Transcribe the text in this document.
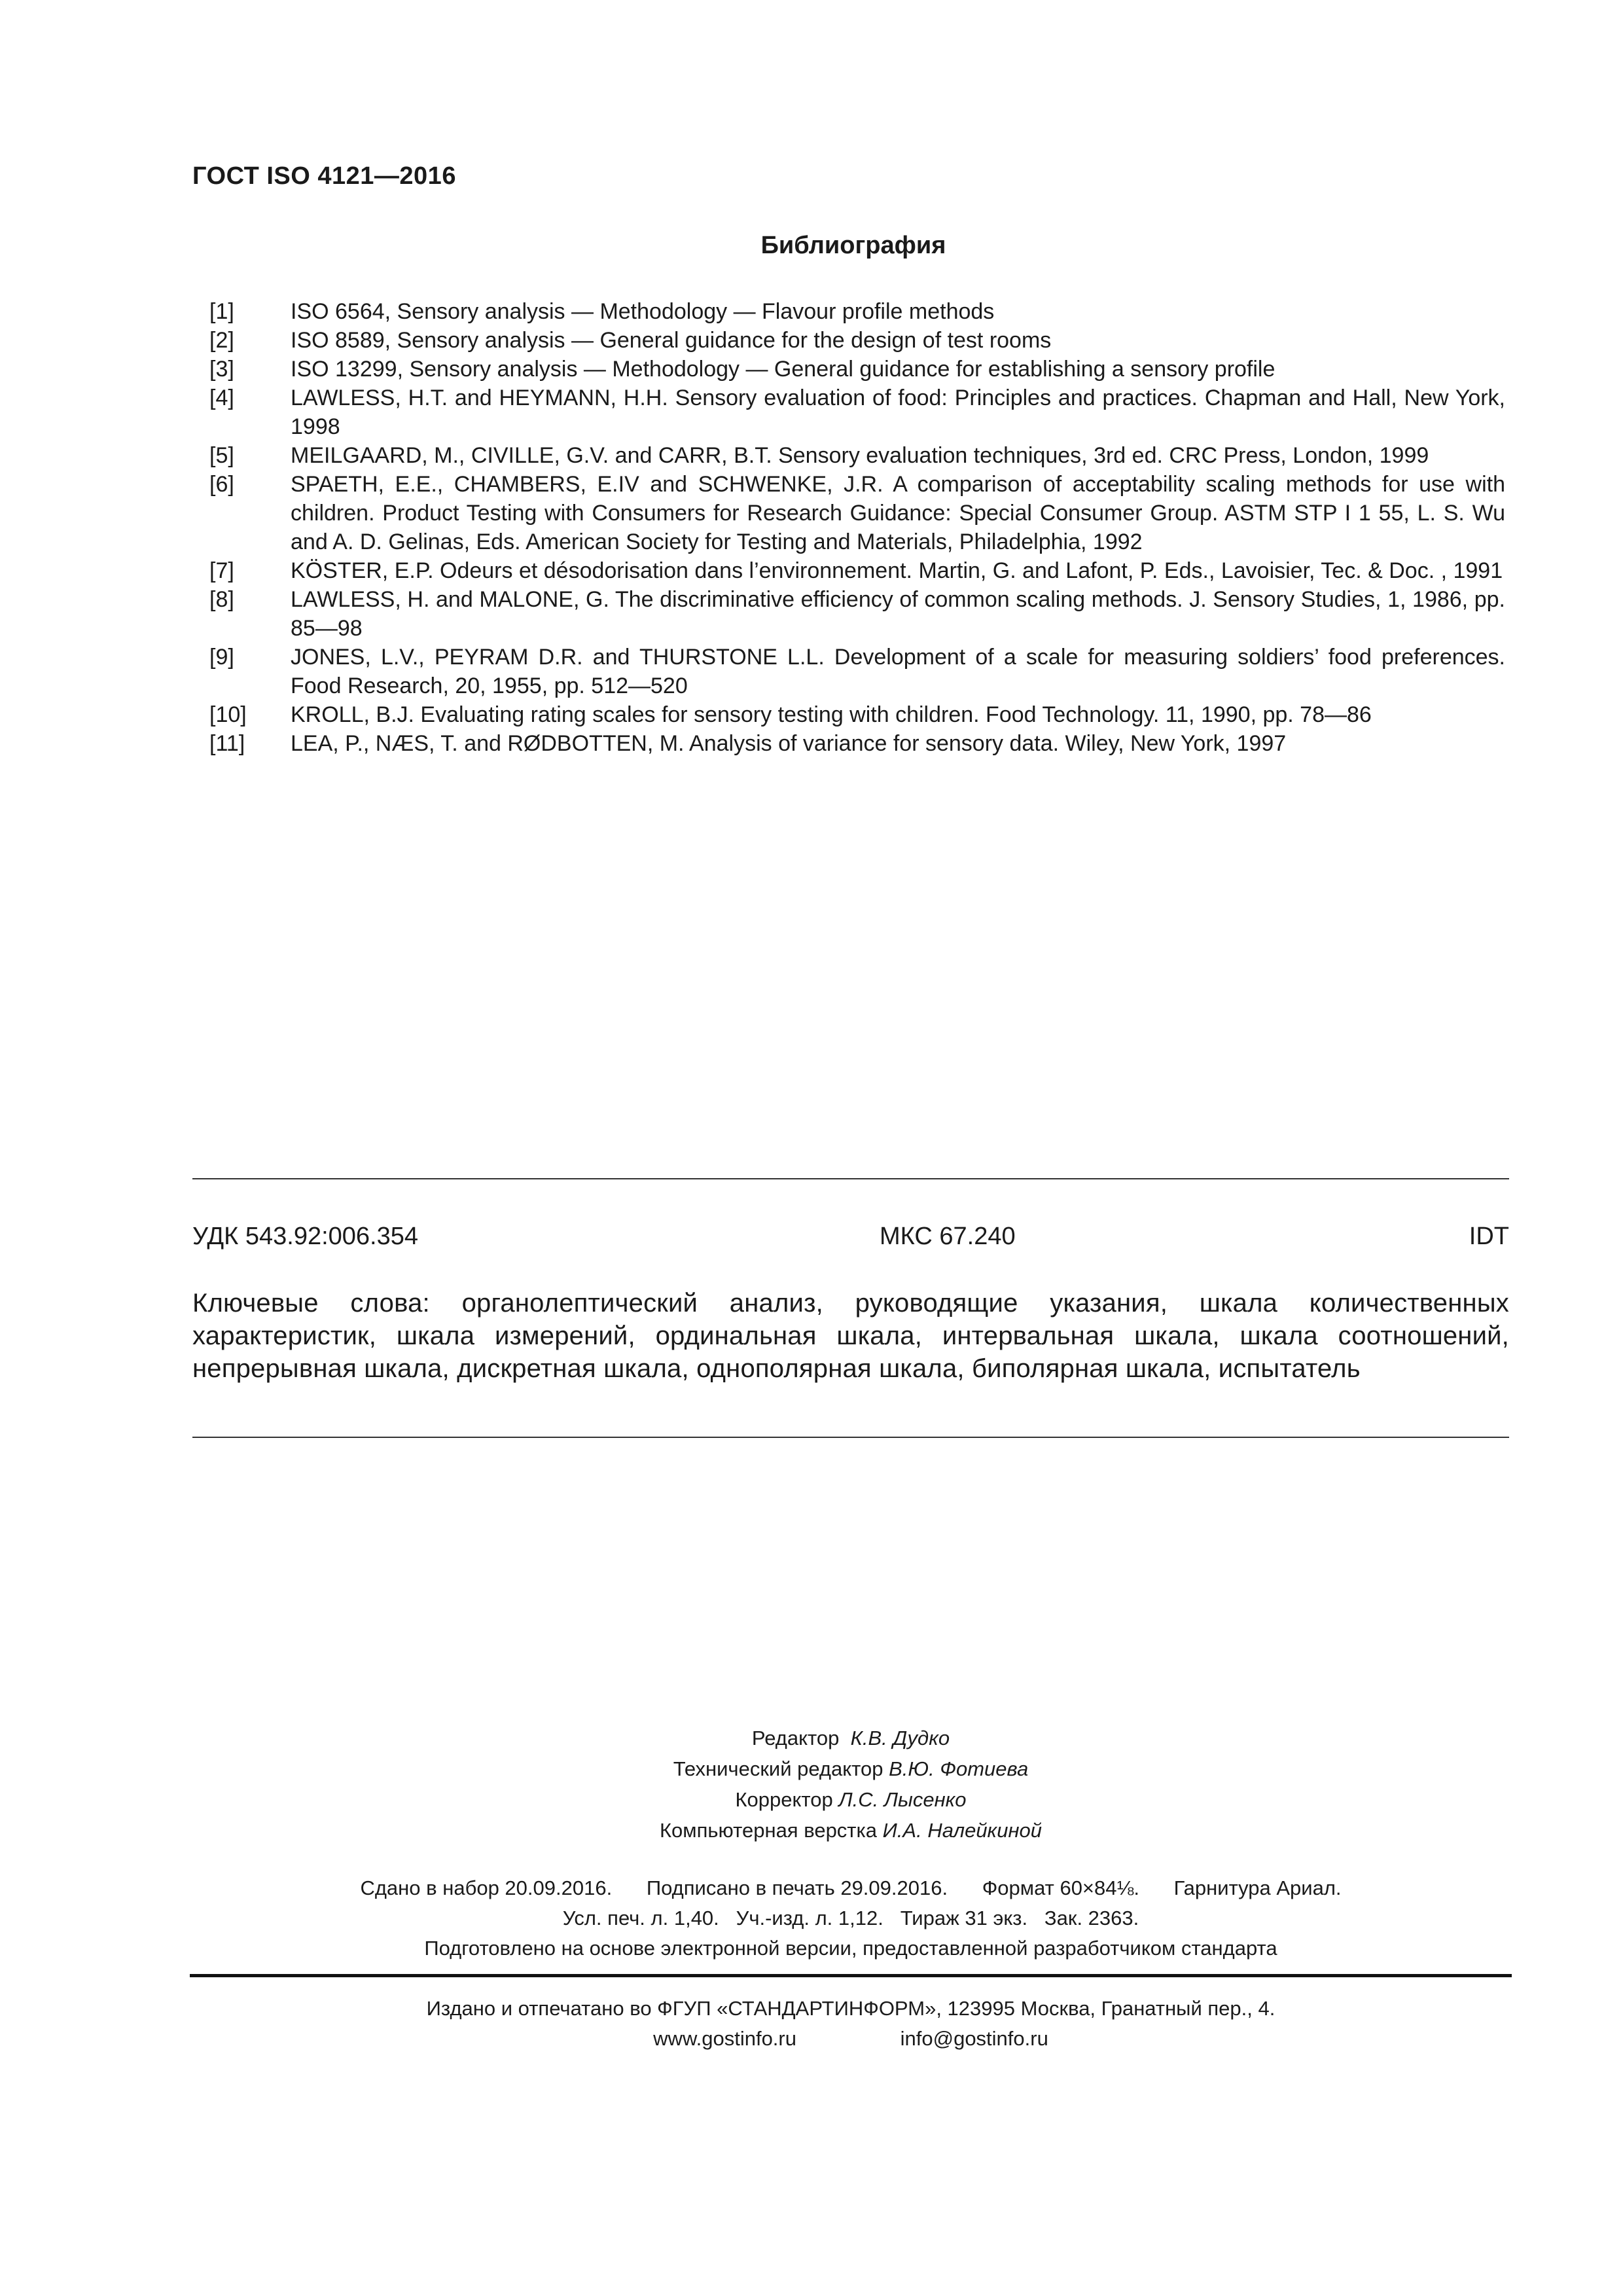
ГОСТ ISO 4121—2016
Библиография
[1]	ISO 6564, Sensory analysis — Methodology — Flavour profile methods
[2]	ISO 8589, Sensory analysis — General guidance for the design of test rooms
[3]	ISO 13299, Sensory analysis — Methodology — General guidance for establishing a sensory profile
[4]	LAWLESS, H.T. and HEYMANN, H.H. Sensory evaluation of food: Principles and practices. Chapman and Hall, New York, 1998
[5]	MEILGAARD, M., CIVILLE, G.V. and CARR, B.T. Sensory evaluation techniques, 3rd ed. CRC Press, London, 1999
[6]	SPAETH, E.E., CHAMBERS, E.IV and SCHWENKE, J.R. A comparison of acceptability scaling methods for use with children. Product Testing with Consumers for Research Guidance: Special Consumer Group. ASTM STP I 1 55, L. S. Wu and A. D. Gelinas, Eds. American Society for Testing and Materials, Philadelphia, 1992
[7]	KÖSTER, E.P. Odeurs et désodorisation dans l’environnement. Martin, G. and Lafont, P. Eds., Lavoisier, Tec. & Doc. , 1991
[8]	LAWLESS, H. and MALONE, G. The discriminative efficiency of common scaling methods. J. Sensory Studies, 1, 1986, pp. 85—98
[9]	JONES, L.V., PEYRAM D.R. and THURSTONE L.L. Development of a scale for measuring soldiers’ food preferences. Food Research, 20, 1955, pp. 512—520
[10]	KROLL, B.J. Evaluating rating scales for sensory testing with children. Food Technology. 11, 1990, pp. 78—86
[11]	LEA, P., NÆS, T. and RØDBOTTEN, M. Analysis of variance for sensory data. Wiley, New York, 1997
УДК 543.92:006.354	МКС 67.240	IDT
Ключевые слова: органолептический анализ, руководящие указания, шкала количественных характеристик, шкала измерений, ординальная шкала, интервальная шкала, шкала соотношений, непрерывная шкала, дискретная шкала, однополярная шкала, биполярная шкала, испытатель
Редактор К.В. Дудко
Технический редактор В.Ю. Фотиева
Корректор Л.С. Лысенко
Компьютерная верстка И.А. Налейкиной
Сдано в набор 20.09.2016. Подписано в печать 29.09.2016. Формат 60×84⅛. Гарнитура Ариал.
Усл. печ. л. 1,40. Уч.-изд. л. 1,12. Тираж 31 экз. Зак. 2363.
Подготовлено на основе электронной версии, предоставленной разработчиком стандарта
Издано и отпечатано во ФГУП «СТАНДАРТИНФОРМ», 123995 Москва, Гранатный пер., 4.
www.gostinfo.ru	info@gostinfo.ru
